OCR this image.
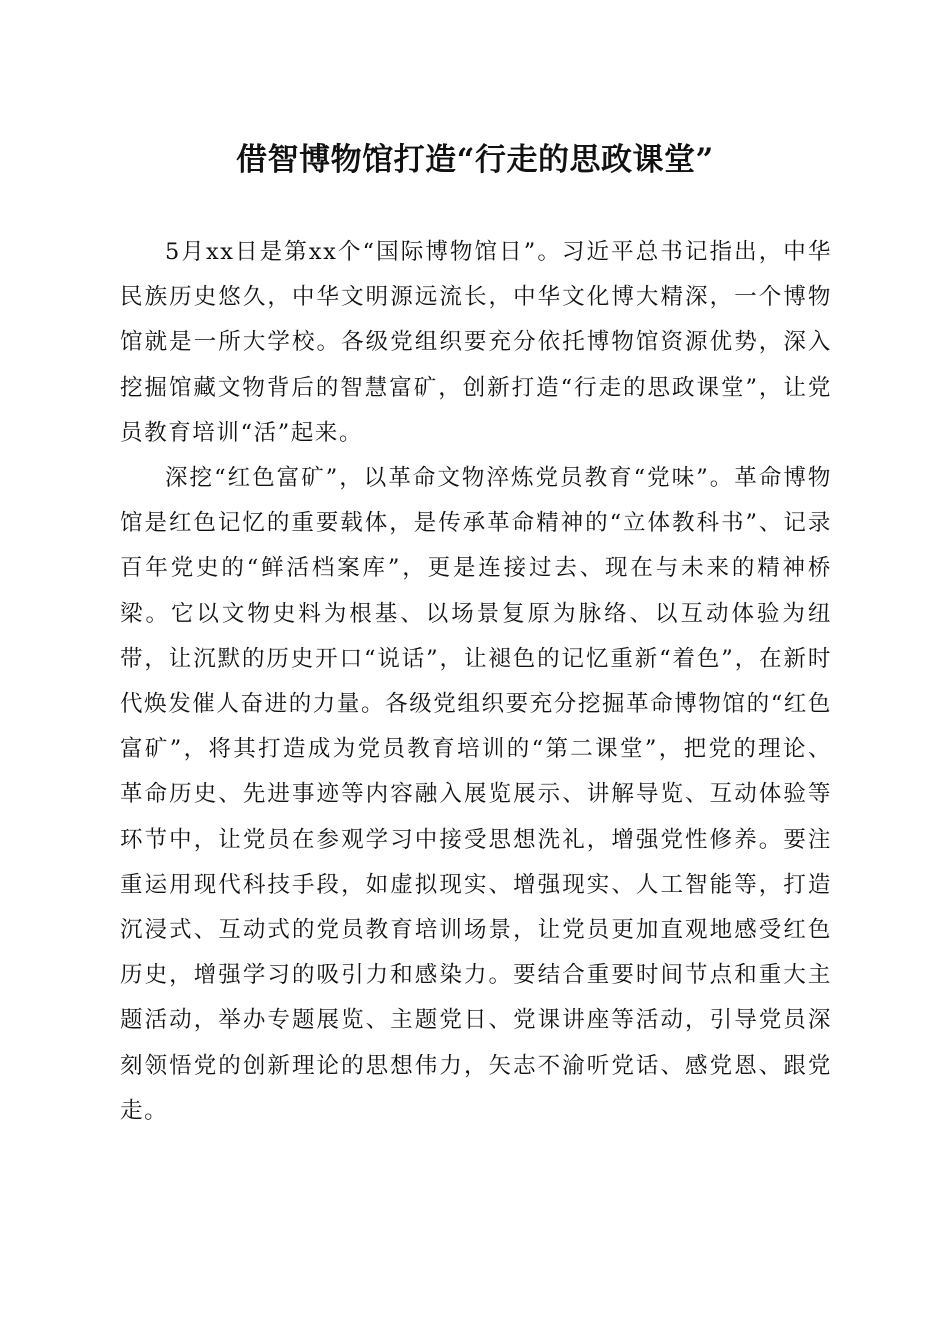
借智博物馆打造“行走的思政课堂”

5月xx日是第xx个“国际博物馆日”。习近平总书记指出，中华民族历史悠久，中华文明源远流长，中华文化博大精深，一个博物馆就是一所大学校。各级党组织要充分依托博物馆资源优势，深入挖掘馆藏文物背后的智慧富矿，创新打造“行走的思政课堂”，让党员教育培训“活”起来。

深挖“红色富矿”，以革命文物淬炼党员教育“党味”。革命博物馆是红色记忆的重要载体，是传承革命精神的“立体教科书”、记录百年党史的“鲜活档案库”，更是连接过去、现在与未来的精神桥梁。它以文物史料为根基、以场景复原为脉络、以互动体验为纽带，让沉默的历史开口“说话”，让褪色的记忆重新“着色”，在新时代焕发催人奋进的力量。各级党组织要充分挖掘革命博物馆的“红色富矿”，将其打造成为党员教育培训的“第二课堂”，把党的理论、革命历史、先进事迹等内容融入展览展示、讲解导览、互动体验等环节中，让党员在参观学习中接受思想洗礼，增强党性修养。要注重运用现代科技手段，如虚拟现实、增强现实、人工智能等，打造沉浸式、互动式的党员教育培训场景，让党员更加直观地感受红色历史，增强学习的吸引力和感染力。要结合重要时间节点和重大主题活动，举办专题展览、主题党日、党课讲座等活动，引导党员深刻领悟党的创新理论的思想伟力，矢志不渝听党话、感党恩、跟党走。
